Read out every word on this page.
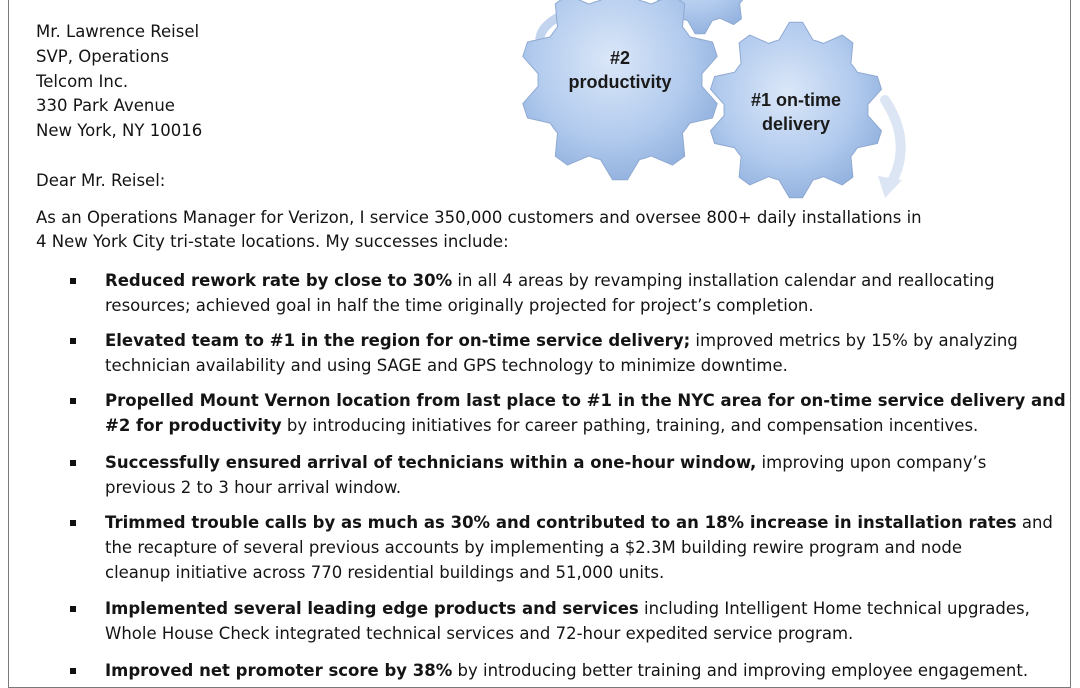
Mr. Lawrence Reisel
SVP, Operations
Telcom Inc.
330 Park Avenue
New York, NY 10016
#2
productivity
#1 on-time
delivery
Dear Mr. Reisel:
As an Operations Manager for Verizon, I service 350,000 customers and oversee 800+ daily installations in
4 New York City tri-state locations. My successes include:
Reduced rework rate by close to 30% in all 4 areas by revamping installation calendar and reallocating
resources; achieved goal in half the time originally projected for project’s completion.
Elevated team to #1 in the region for on-time service delivery; improved metrics by 15% by analyzing
technician availability and using SAGE and GPS technology to minimize downtime.
Propelled Mount Vernon location from last place to #1 in the NYC area for on-time service delivery and
#2 for productivity by introducing initiatives for career pathing, training, and compensation incentives.
Successfully ensured arrival of technicians within a one-hour window, improving upon company’s
previous 2 to 3 hour arrival window.
Trimmed trouble calls by as much as 30% and contributed to an 18% increase in installation rates and
the recapture of several previous accounts by implementing a $2.3M building rewire program and node
cleanup initiative across 770 residential buildings and 51,000 units.
Implemented several leading edge products and services including Intelligent Home technical upgrades,
Whole House Check integrated technical services and 72-hour expedited service program.
Improved net promoter score by 38% by introducing better training and improving employee engagement.
